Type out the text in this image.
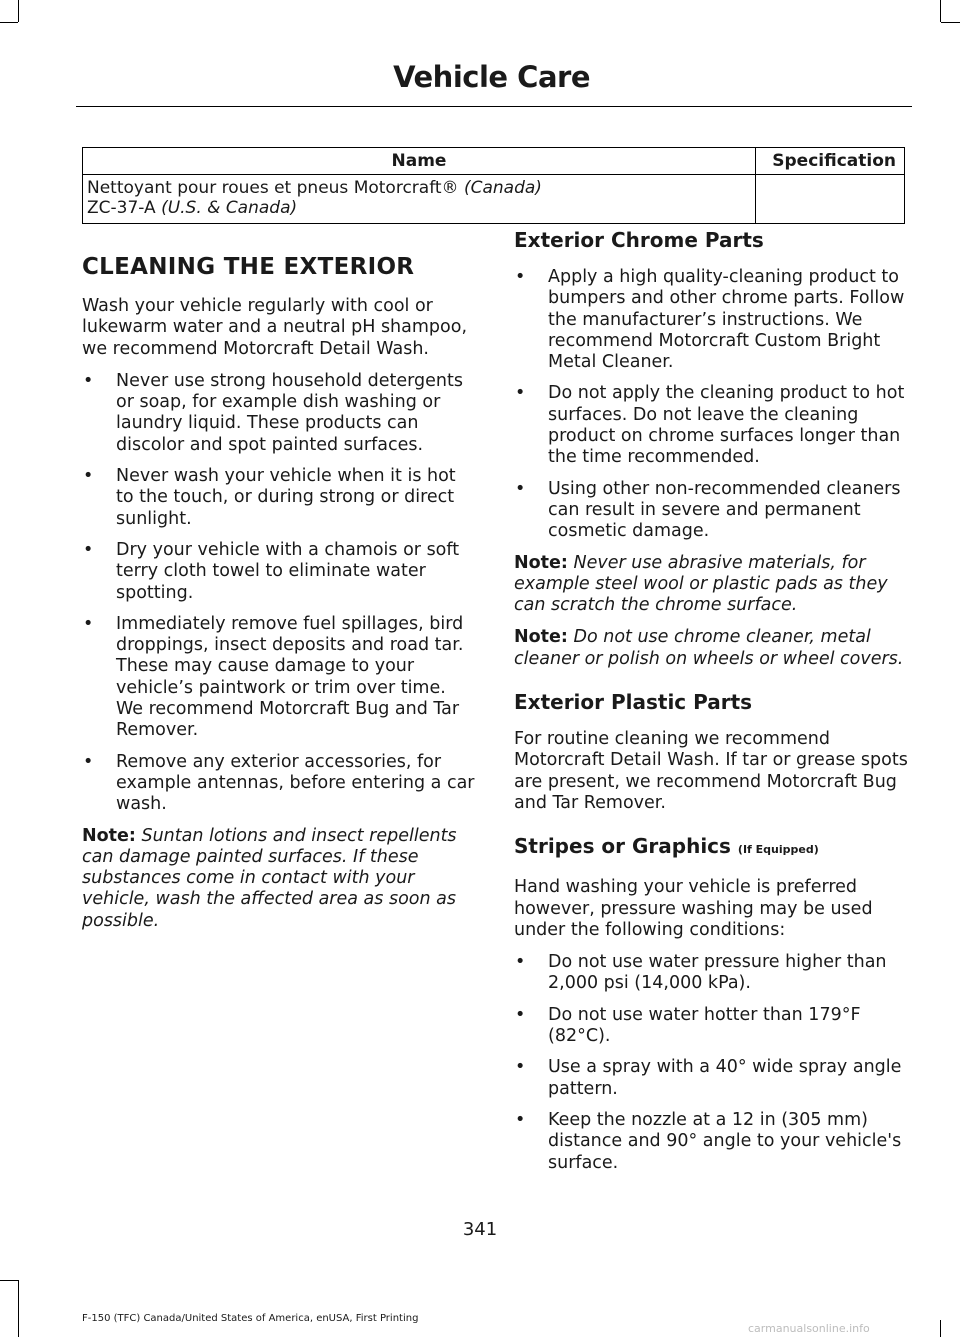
Vehicle Care
Name	Specification
Nettoyant pour roues et pneus Motorcraft® (Canada)
ZC-37-A (U.S. & Canada)	
CLEANING THE EXTERIOR

Wash your vehicle regularly with cool or lukewarm water and a neutral pH shampoo, we recommend Motorcraft Detail Wash.

• Never use strong household detergents or soap, for example dish washing or laundry liquid. These products can discolor and spot painted surfaces.
• Never wash your vehicle when it is hot to the touch, or during strong or direct sunlight.
• Dry your vehicle with a chamois or soft terry cloth towel to eliminate water spotting.
• Immediately remove fuel spillages, bird droppings, insect deposits and road tar. These may cause damage to your vehicle’s paintwork or trim over time. We recommend Motorcraft Bug and Tar Remover.
• Remove any exterior accessories, for example antennas, before entering a car wash.

Note: Suntan lotions and insect repellents can damage painted surfaces. If these substances come in contact with your vehicle, wash the affected area as soon as possible.

Exterior Chrome Parts
• Apply a high quality-cleaning product to bumpers and other chrome parts. Follow the manufacturer’s instructions. We recommend Motorcraft Custom Bright Metal Cleaner.
• Do not apply the cleaning product to hot surfaces. Do not leave the cleaning product on chrome surfaces longer than the time recommended.
• Using other non-recommended cleaners can result in severe and permanent cosmetic damage.

Note: Never use abrasive materials, for example steel wool or plastic pads as they can scratch the chrome surface.

Note: Do not use chrome cleaner, metal cleaner or polish on wheels or wheel covers.

Exterior Plastic Parts

For routine cleaning we recommend Motorcraft Detail Wash. If tar or grease spots are present, we recommend Motorcraft Bug and Tar Remover.

Stripes or Graphics (If Equipped)

Hand washing your vehicle is preferred however, pressure washing may be used under the following conditions:

• Do not use water pressure higher than 2,000 psi (14,000 kPa).
• Do not use water hotter than 179°F (82°C).
• Use a spray with a 40° wide spray angle pattern.
• Keep the nozzle at a 12 in (305 mm) distance and 90° angle to your vehicle's surface.
341
F-150 (TFC) Canada/United States of America, enUSA, First Printing
carmanualsonline.info
